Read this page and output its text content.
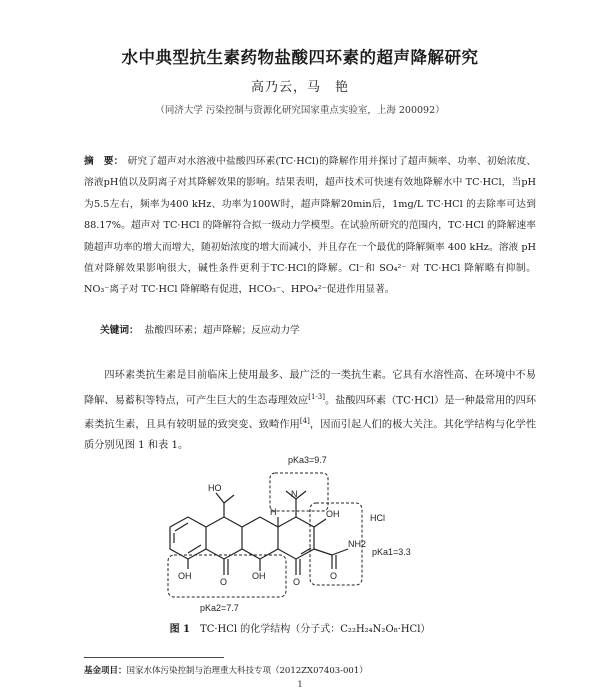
水中典型抗生素药物盐酸四环素的超声降解研究
高乃云，马　艳
（同济大学 污染控制与资源化研究国家重点实验室，上海 200092）
摘　要： 研究了超声对水溶液中盐酸四环素(TC·HCl)的降解作用并探讨了超声频率、功率、初始浓度、溶液pH值以及阴离子对其降解效果的影响。结果表明，超声技术可快速有效地降解水中 TC·HCl，当pH为5.5左右，频率为400 kHz、功率为100W时，超声降解20min后，1mg/L TC·HCl 的去除率可达到88.17%。超声对 TC·HCl 的降解符合拟一级动力学模型。在试验所研究的范围内，TC·HCl 的降解速率随超声功率的增大而增大，随初始浓度的增大而减小，并且存在一个最优的降解频率 400 kHz。溶液 pH 值对降解效果影响很大，碱性条件更利于TC·HCl的降解。Cl⁻和 SO₄²⁻ 对 TC·HCl 降解略有抑制。NO₃⁻离子对 TC·HCl 降解略有促进，HCO₃⁻、HPO₄²⁻促进作用显著。
关键词： 盐酸四环素；超声降解；反应动力学
四环素类抗生素是目前临床上使用最多、最广泛的一类抗生素。它具有水溶性高、在环境中不易降解、易蓄积等特点，可产生巨大的生态毒理效应[1-3]。盐酸四环素（TC·HCl）是一种最常用的四环素类抗生素，且具有较明显的致突变、致畸作用[4]，因而引起人们的极大关注。其化学结构与化学性质分别见图 1 和表 1。
HO
H
N
OH	HCl
NH2
O
OH
O
OH
O
pKa3=9.7
pKa1=3.3
pKa2=7.7
图 1 TC·HCl 的化学结构（分子式：C₂₂H₂₄N₂O₈·HCl）
基金项目：国家水体污染控制与治理重大科技专项（2012ZX07403-001）
1
